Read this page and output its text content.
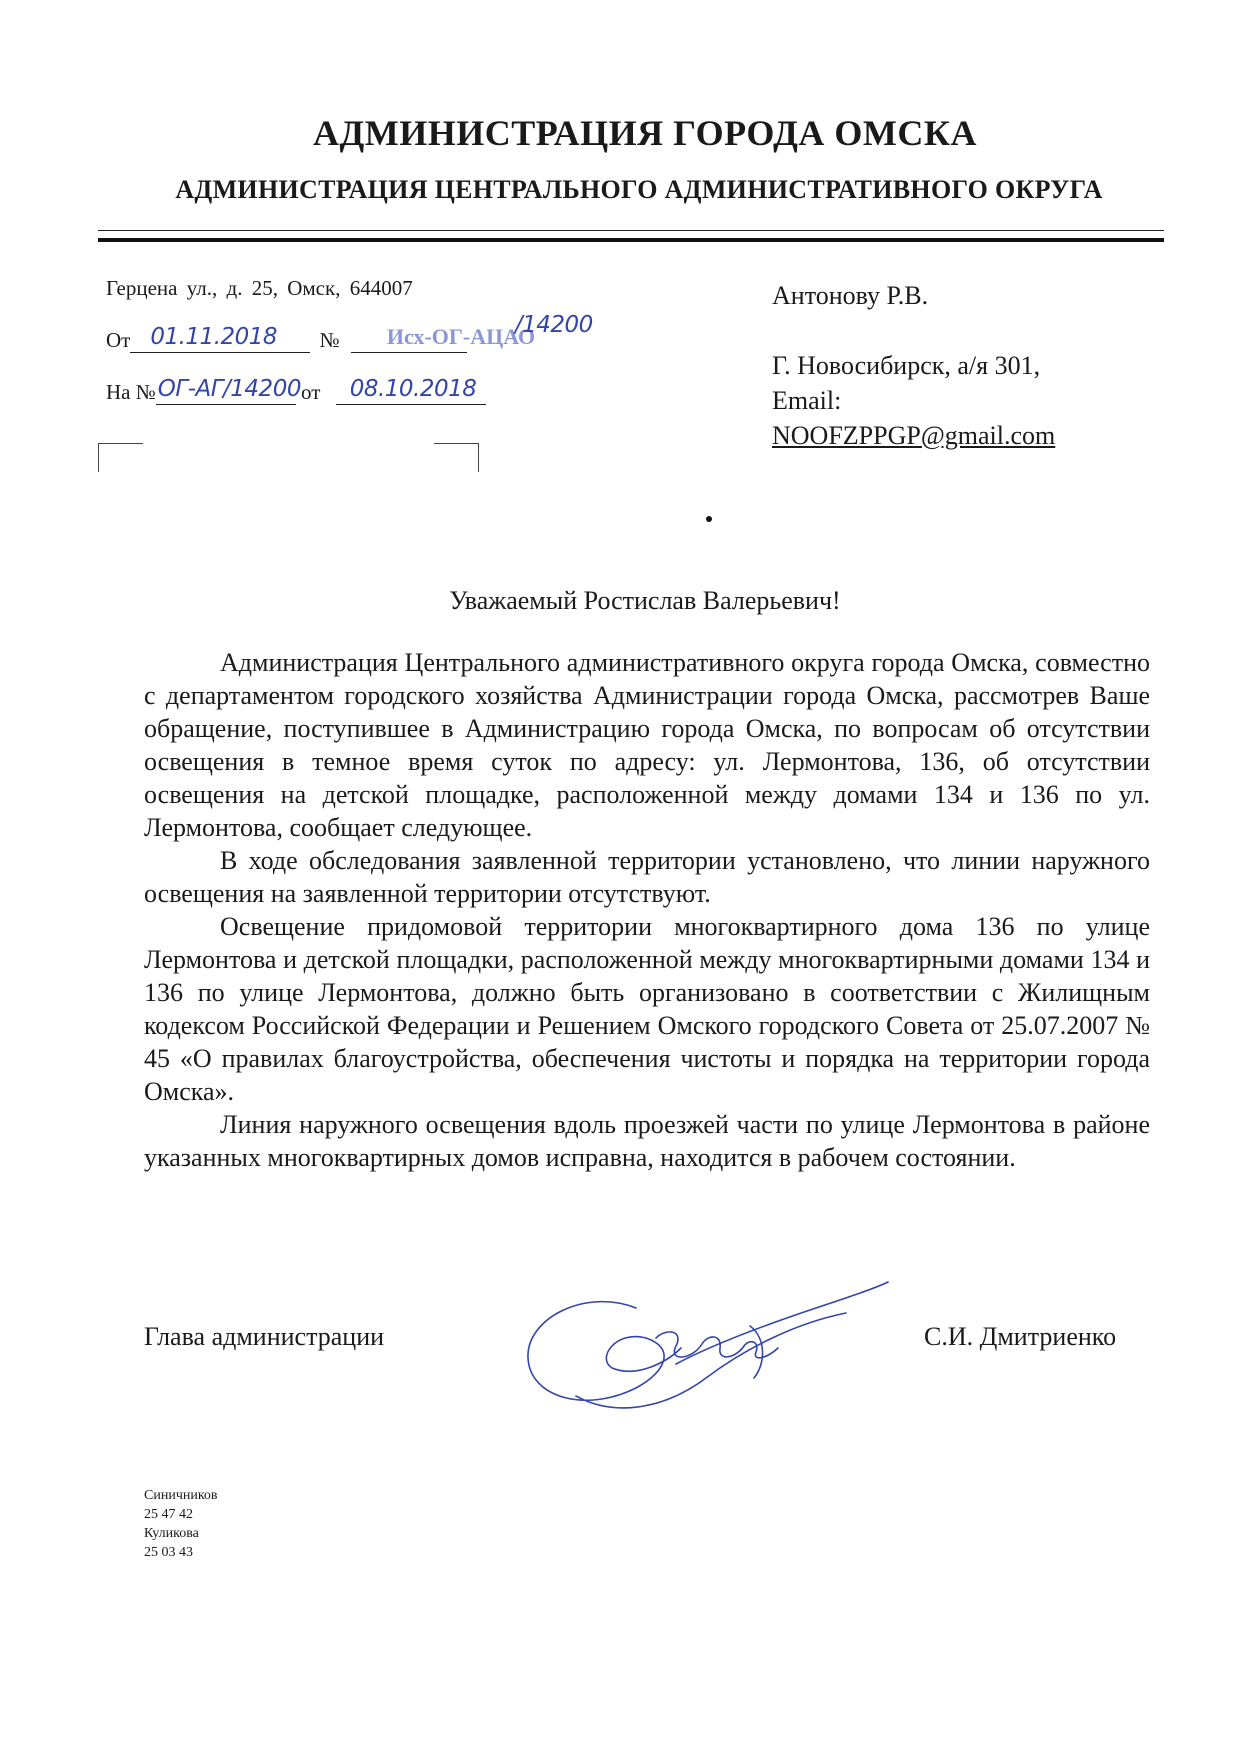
АДМИНИСТРАЦИЯ ГОРОДА ОМСКА
АДМИНИСТРАЦИЯ ЦЕНТРАЛЬНОГО АДМИНИСТРАТИВНОГО ОКРУГА
Герцена ул., д. 25, Омск, 644007
От 01.11.2018 № Исх-ОГ-АЦАО
/14200
На № ОГ-АГ/14200 от 08.10.2018
Антонову Р.В.
Г. Новосибирск, а/я 301,
Email:
NOOFZPPGP@gmail.com
Уважаемый Ростислав Валерьевич!

Администрация Центрального административного округа города Омска, совместно с департаментом городского хозяйства Администрации города Омска, рассмотрев Ваше обращение, поступившее в Администрацию города Омска, по вопросам об отсутствии освещения в темное время суток по адресу: ул. Лермонтова, 136, об отсутствии освещения на детской площадке, расположенной между домами 134 и 136 по ул. Лермонтова, сообщает следующее.

В ходе обследования заявленной территории установлено, что линии наружного освещения на заявленной территории отсутствуют.

Освещение придомовой территории многоквартирного дома 136 по улице Лермонтова и детской площадки, расположенной между многоквартирными домами 134 и 136 по улице Лермонтова, должно быть организовано в соответствии с Жилищным кодексом Российской Федерации и Решением Омского городского Совета от 25.07.2007 № 45 «О правилах благоустройства, обеспечения чистоты и порядка на территории города Омска».

Линия наружного освещения вдоль проезжей части по улице Лермонтова в районе указанных многоквартирных домов исправна, находится в рабочем состоянии.

Глава администрации	С.И. Дмитриенко
Синичников
25 47 42
Куликова
25 03 43
